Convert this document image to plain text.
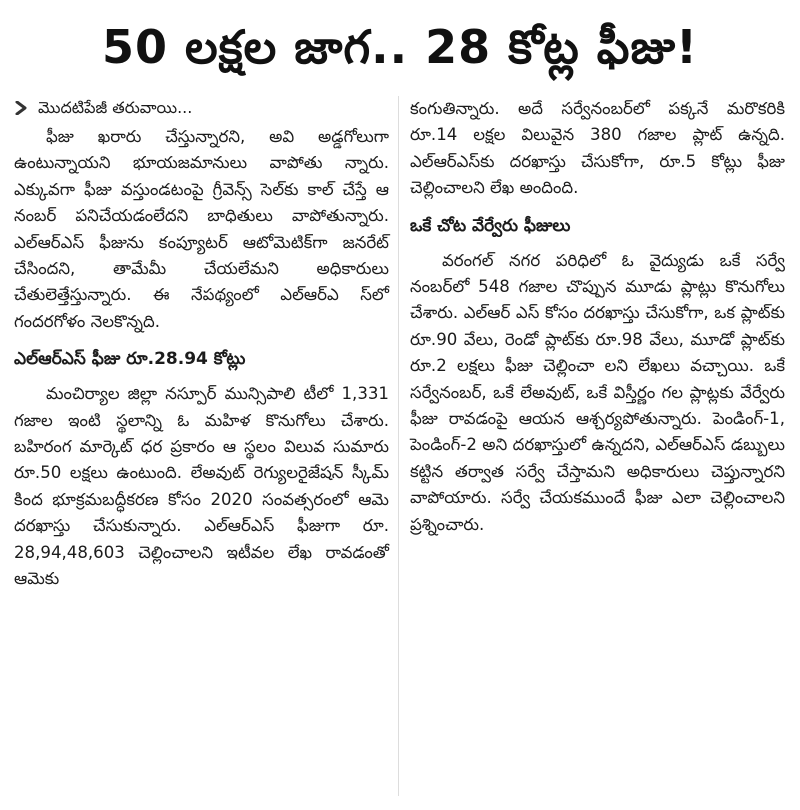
50 లక్షల జాగ.. 28 కోట్ల ఫీజు!
మొదటిపేజీ తరువాయి...

ఫీజు ఖరారు చేస్తున్నారని, అవి అడ్డగోలుగా ఉంటున్నాయని భూయజమానులు వాపోతు న్నారు. ఎక్కువగా ఫీజు వస్తుండటంపై గ్రీవెన్స్ సెల్‌కు కాల్ చేస్తే ఆ నంబర్ పనిచేయడంలేదని బాధితులు వాపోతున్నారు. ఎల్‌ఆర్‌ఎస్ ఫీజును కంప్యూటర్ ఆటోమెటిక్‌గా జనరేట్ చేసిందని, తామేమీ చేయలేమని అధికారులు చేతులెత్తేస్తున్నారు. ఈ నేపథ్యంలో ఎల్‌ఆర్‌ఎ స్‌లో గందరగోళం నెలకొన్నది.

ఎల్‌ఆర్‌ఎస్ ఫీజు రూ.28.94 కోట్లు

మంచిర్యాల జిల్లా నస్పూర్ మున్సిపాలి టీలో 1,331 గజాల ఇంటి స్థలాన్ని ఓ మహిళ కొనుగోలు చేశారు. బహిరంగ మార్కెట్ ధర ప్రకారం ఆ స్థలం విలువ సుమారు రూ.50 లక్షలు ఉంటుంది. లేఅవుట్ రెగ్యులరైజేషన్ స్కీమ్ కింద భూక్రమబద్ధీకరణ కోసం 2020 సంవత్సరంలో ఆమె దరఖాస్తు చేసుకున్నారు. ఎల్‌ఆర్‌ఎస్ ఫీజుగా రూ. 28,94,48,603 చెల్లించాలని ఇటీవల లేఖ రావడంతో ఆమెకు

కంగుతిన్నారు. అదే సర్వేనంబర్‌లో పక్కనే మరొకరికి రూ.14 లక్షల విలువైన 380 గజాల ప్లాట్ ఉన్నది. ఎల్‌ఆర్‌ఎస్‌కు దరఖాస్తు చేసుకోగా, రూ.5 కోట్లు ఫీజు చెల్లించాలని లేఖ అందింది.

ఒకే చోట వేర్వేరు ఫీజులు

వరంగల్ నగర పరిధిలో ఓ వైద్యుడు ఒకే సర్వే నంబర్‌లో 548 గజాల చొప్పున మూడు ప్లాట్లు కొనుగోలు చేశారు. ఎల్‌ఆర్ ఎస్ కోసం దరఖాస్తు చేసుకోగా, ఒక ప్లాట్‌కు రూ.90 వేలు, రెండో ప్లాట్‌కు రూ.98 వేలు, మూడో ప్లాట్‌కు రూ.2 లక్షలు ఫీజు చెల్లించా లని లేఖలు వచ్చాయి. ఒకే సర్వేనంబర్, ఒకే లేఅవుట్, ఒకే విస్తీర్ణం గల ప్లాట్లకు వేర్వేరు ఫీజు రావడంపై ఆయన ఆశ్చర్యపోతున్నారు. పెండింగ్-1, పెండింగ్-2 అని దరఖాస్తులో ఉన్నదని, ఎల్‌ఆర్‌ఎస్ డబ్బులు కట్టిన తర్వాత సర్వే చేస్తామని అధికారులు చెప్తున్నారని వాపోయారు. సర్వే చేయకముందే ఫీజు ఎలా చెల్లించాలని ప్రశ్నించారు.
